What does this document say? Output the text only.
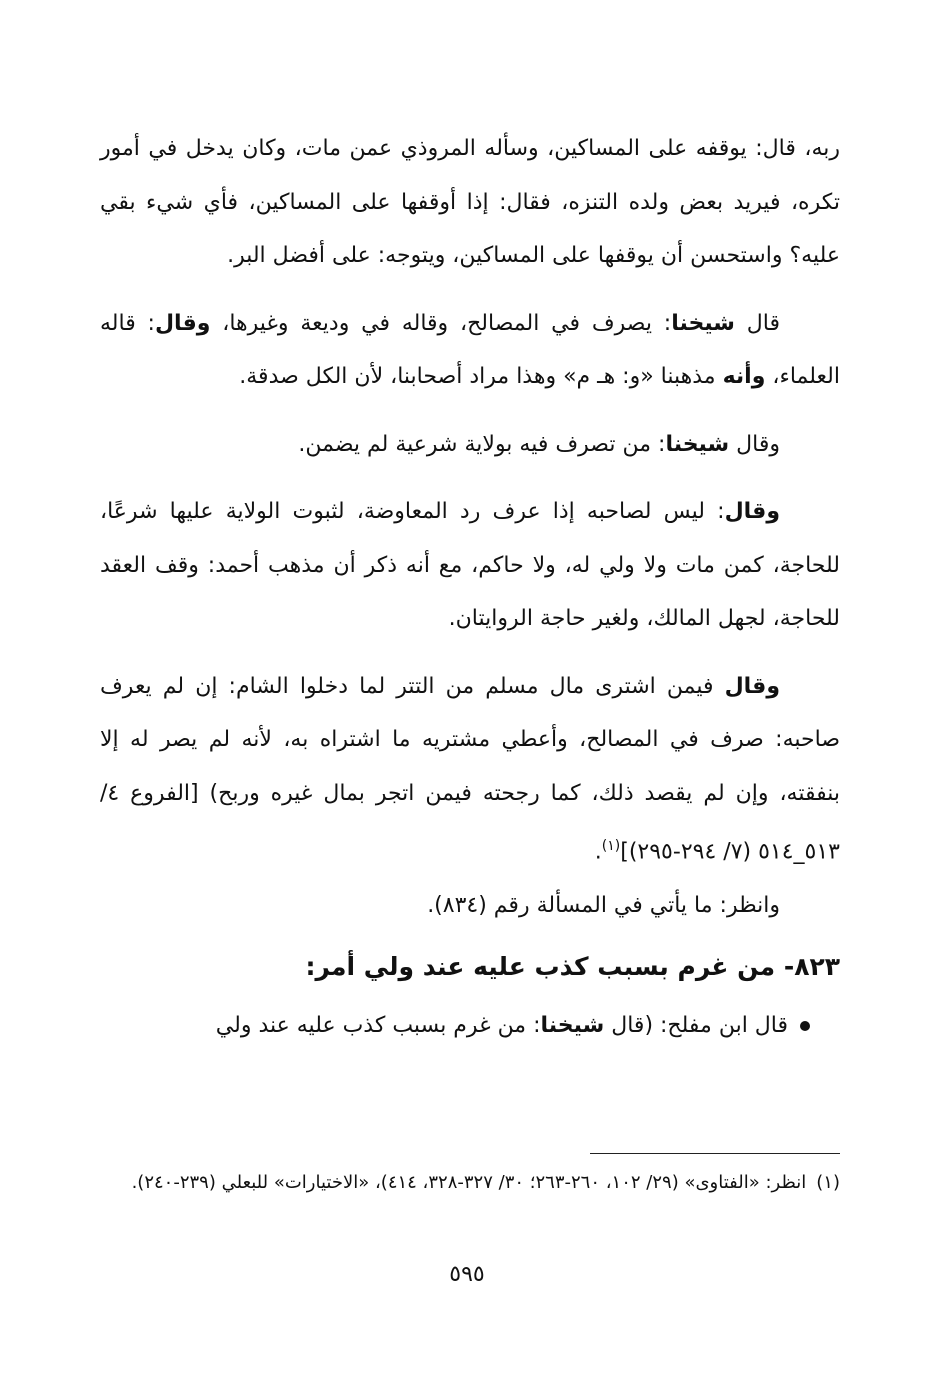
ربه، قال: يوقفه على المساكين، وسأله المروذي عمن مات، وكان يدخل في أمور تكره، فيريد بعض ولده التنزه، فقال: إذا أوقفها على المساكين، فأي شيء بقي عليه؟ واستحسن أن يوقفها على المساكين، ويتوجه: على أفضل البر.

قال شيخنا: يصرف في المصالح، وقاله في وديعة وغيرها، وقال: قاله العلماء، وأنه مذهبنا «و: هـ م» وهذا مراد أصحابنا، لأن الكل صدقة.

وقال شيخنا: من تصرف فيه بولاية شرعية لم يضمن.

وقال: ليس لصاحبه إذا عرف رد المعاوضة، لثبوت الولاية عليها شرعًا، للحاجة، كمن مات ولا ولي له، ولا حاكم، مع أنه ذكر أن مذهب أحمد: وقف العقد للحاجة، لجهل المالك، ولغير حاجة الروايتان.

وقال فيمن اشترى مال مسلم من التتر لما دخلوا الشام: إن لم يعرف صاحبه: صرف في المصالح، وأعطي مشتريه ما اشتراه به، لأنه لم يصر له إلا بنفقته، وإن لم يقصد ذلك، كما رجحته فيمن اتجر بمال غيره وربح) [الفروع ٤/ ٥١٣_٥١٤ (٧/ ٢٩٤-٢٩٥)]$^{(١)}$.

وانظر: ما يأتي في المسألة رقم (٨٣٤).

٨٢٣- من غرم بسبب كذب عليه عند ولي أمر:

قال ابن مفلح: (قال شيخنا: من غرم بسبب كذب عليه عند ولي

(١)انظر: «الفتاوى» (٢٩/ ١٠٢، ٢٦٠-٢٦٣؛ ٣٠/ ٣٢٧-٣٢٨، ٤١٤)، «الاختيارات» للبعلي (٢٣٩-٢٤٠).
٥٩٥
